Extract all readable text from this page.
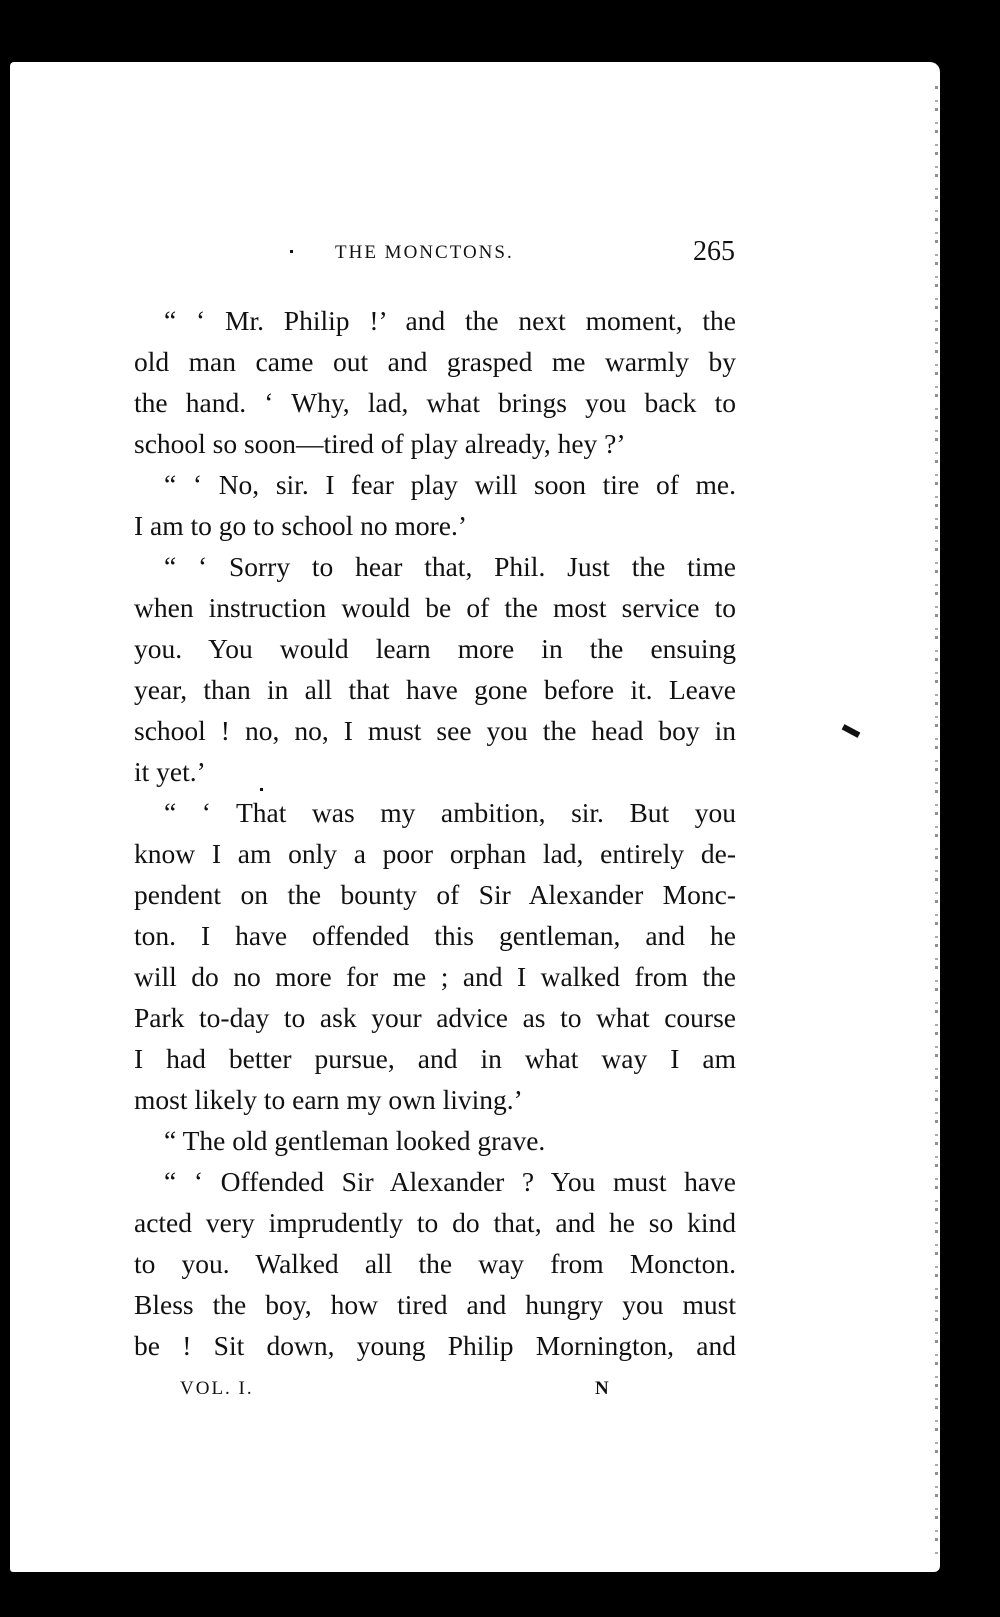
THE MONCTONS.	265
“ ‘ Mr. Philip !’ and the next moment, the
old man came out and grasped me warmly by
the hand. ‘ Why, lad, what brings you back to
school so soon—tired of play already, hey ?’
“ ‘ No, sir. I fear play will soon tire of me.
I am to go to school no more.’
“ ‘ Sorry to hear that, Phil. Just the time
when instruction would be of the most service to
you. You would learn more in the ensuing
year, than in all that have gone before it. Leave
school ! no, no, I must see you the head boy in
it yet.’
“ ‘ That was my ambition, sir. But you
know I am only a poor orphan lad, entirely de-
pendent on the bounty of Sir Alexander Monc-
ton. I have offended this gentleman, and he
will do no more for me ; and I walked from the
Park to-day to ask your advice as to what course
I had better pursue, and in what way I am
most likely to earn my own living.’
“ The old gentleman looked grave.
“ ‘ Offended Sir Alexander ? You must have
acted very imprudently to do that, and he so kind
to you. Walked all the way from Moncton.
Bless the boy, how tired and hungry you must
be ! Sit down, young Philip Mornington, and
VOL. I.	N
